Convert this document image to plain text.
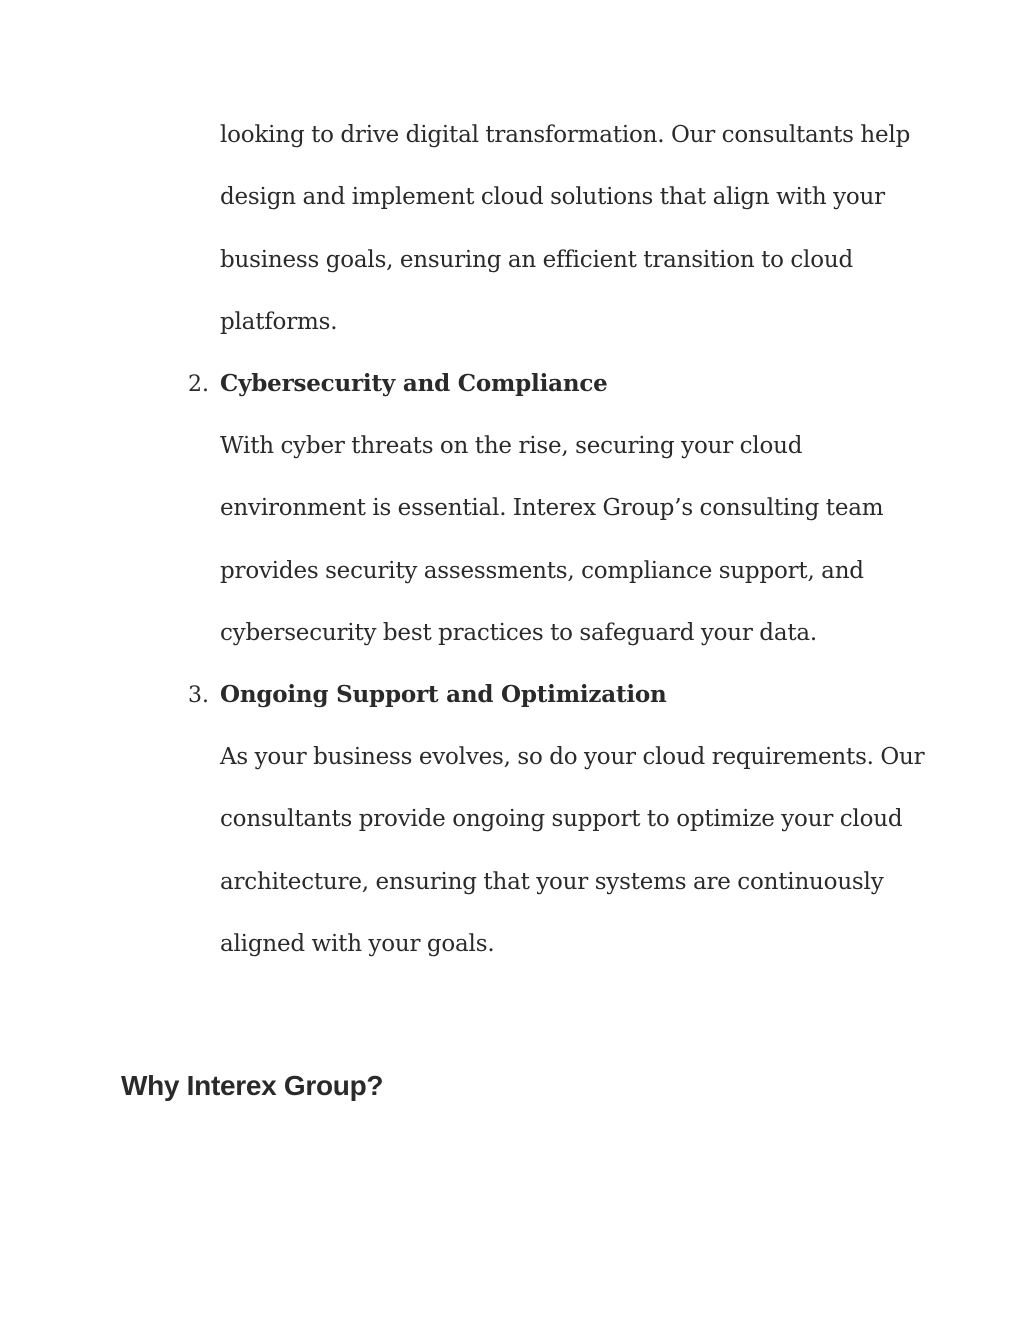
looking to drive digital transformation. Our consultants help
design and implement cloud solutions that align with your
business goals, ensuring an efficient transition to cloud
platforms.
2. Cybersecurity and Compliance
With cyber threats on the rise, securing your cloud
environment is essential. Interex Group’s consulting team
provides security assessments, compliance support, and
cybersecurity best practices to safeguard your data.
3. Ongoing Support and Optimization
As your business evolves, so do your cloud requirements. Our
consultants provide ongoing support to optimize your cloud
architecture, ensuring that your systems are continuously
aligned with your goals.
Why Interex Group?
